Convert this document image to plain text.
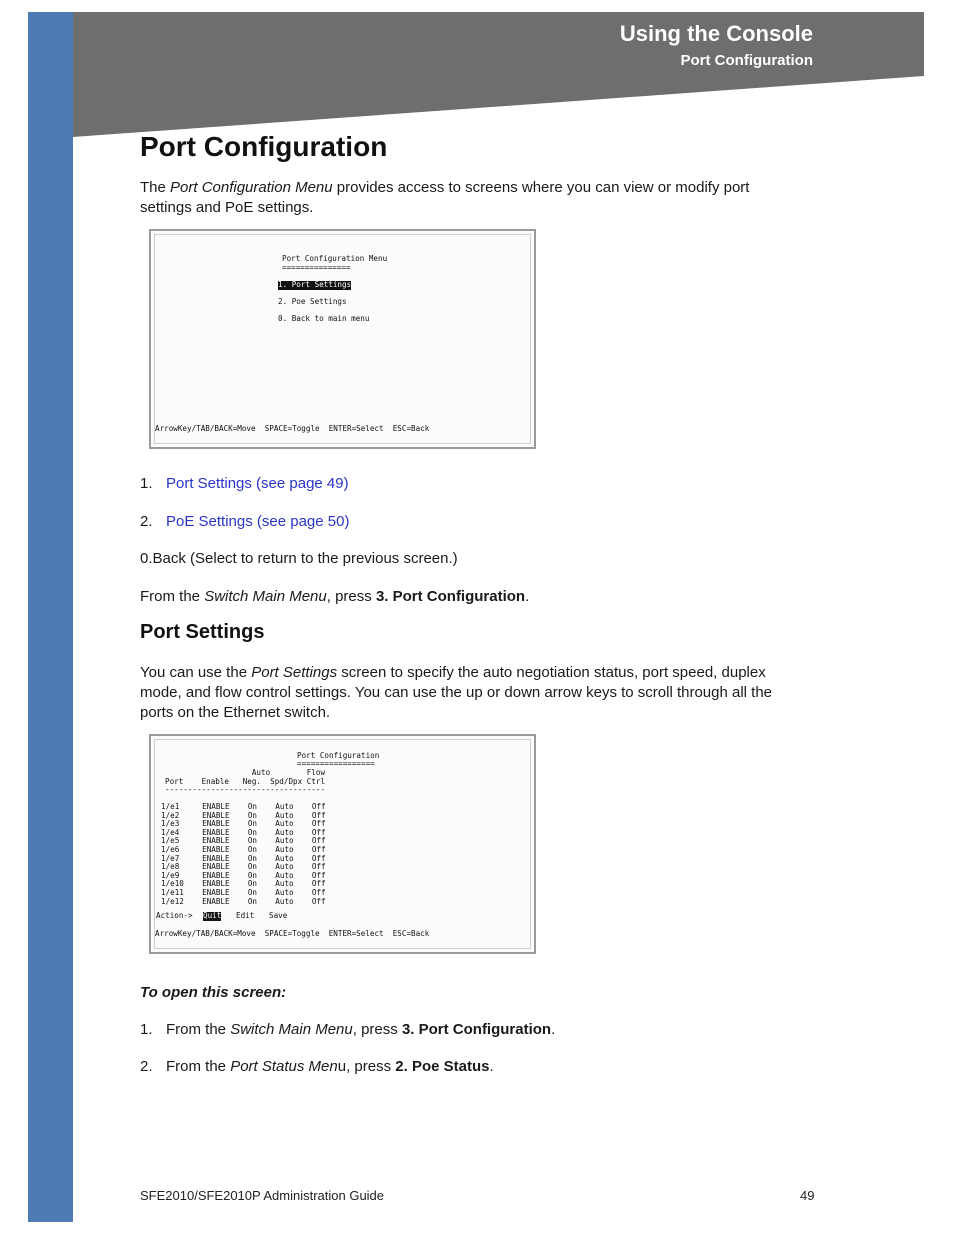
Using the Console
Port Configuration
Port Configuration
The Port Configuration Menu provides access to screens where you can view or modify port
settings and PoE settings.
Port Configuration Menu
===============
1. Port Settings
2. Poe Settings
0. Back to main menu
ArrowKey/TAB/BACK=Move  SPACE=Toggle  ENTER=Select  ESC=Back
1. Port Settings (see page 49)
2. PoE Settings (see page 50)
0.Back (Select to return to the previous screen.)
From the Switch Main Menu, press 3. Port Configuration.
Port Settings
You can use the Port Settings screen to specify the auto negotiation status, port speed, duplex
mode, and flow control settings. You can use the up or down arrow keys to scroll through all the
ports on the Ethernet switch.
Port Configuration
=================
Auto        Flow
Port    Enable   Neg.  Spd/Dpx Ctrl
-----------------------------------
1/e1     ENABLE    On    Auto    Off
1/e2     ENABLE    On    Auto    Off
1/e3     ENABLE    On    Auto    Off
1/e4     ENABLE    On    Auto    Off
1/e5     ENABLE    On    Auto    Off
1/e6     ENABLE    On    Auto    Off
1/e7     ENABLE    On    Auto    Off
1/e8     ENABLE    On    Auto    Off
1/e9     ENABLE    On    Auto    Off
1/e10    ENABLE    On    Auto    Off
1/e11    ENABLE    On    Auto    Off
1/e12    ENABLE    On    Auto    Off
Action-> Quit Edit Save
ArrowKey/TAB/BACK=Move  SPACE=Toggle  ENTER=Select  ESC=Back
To open this screen:
1. From the Switch Main Menu, press 3. Port Configuration.
2. From the Port Status Menu, press 2. Poe Status.
SFE2010/SFE2010P Administration Guide	49
